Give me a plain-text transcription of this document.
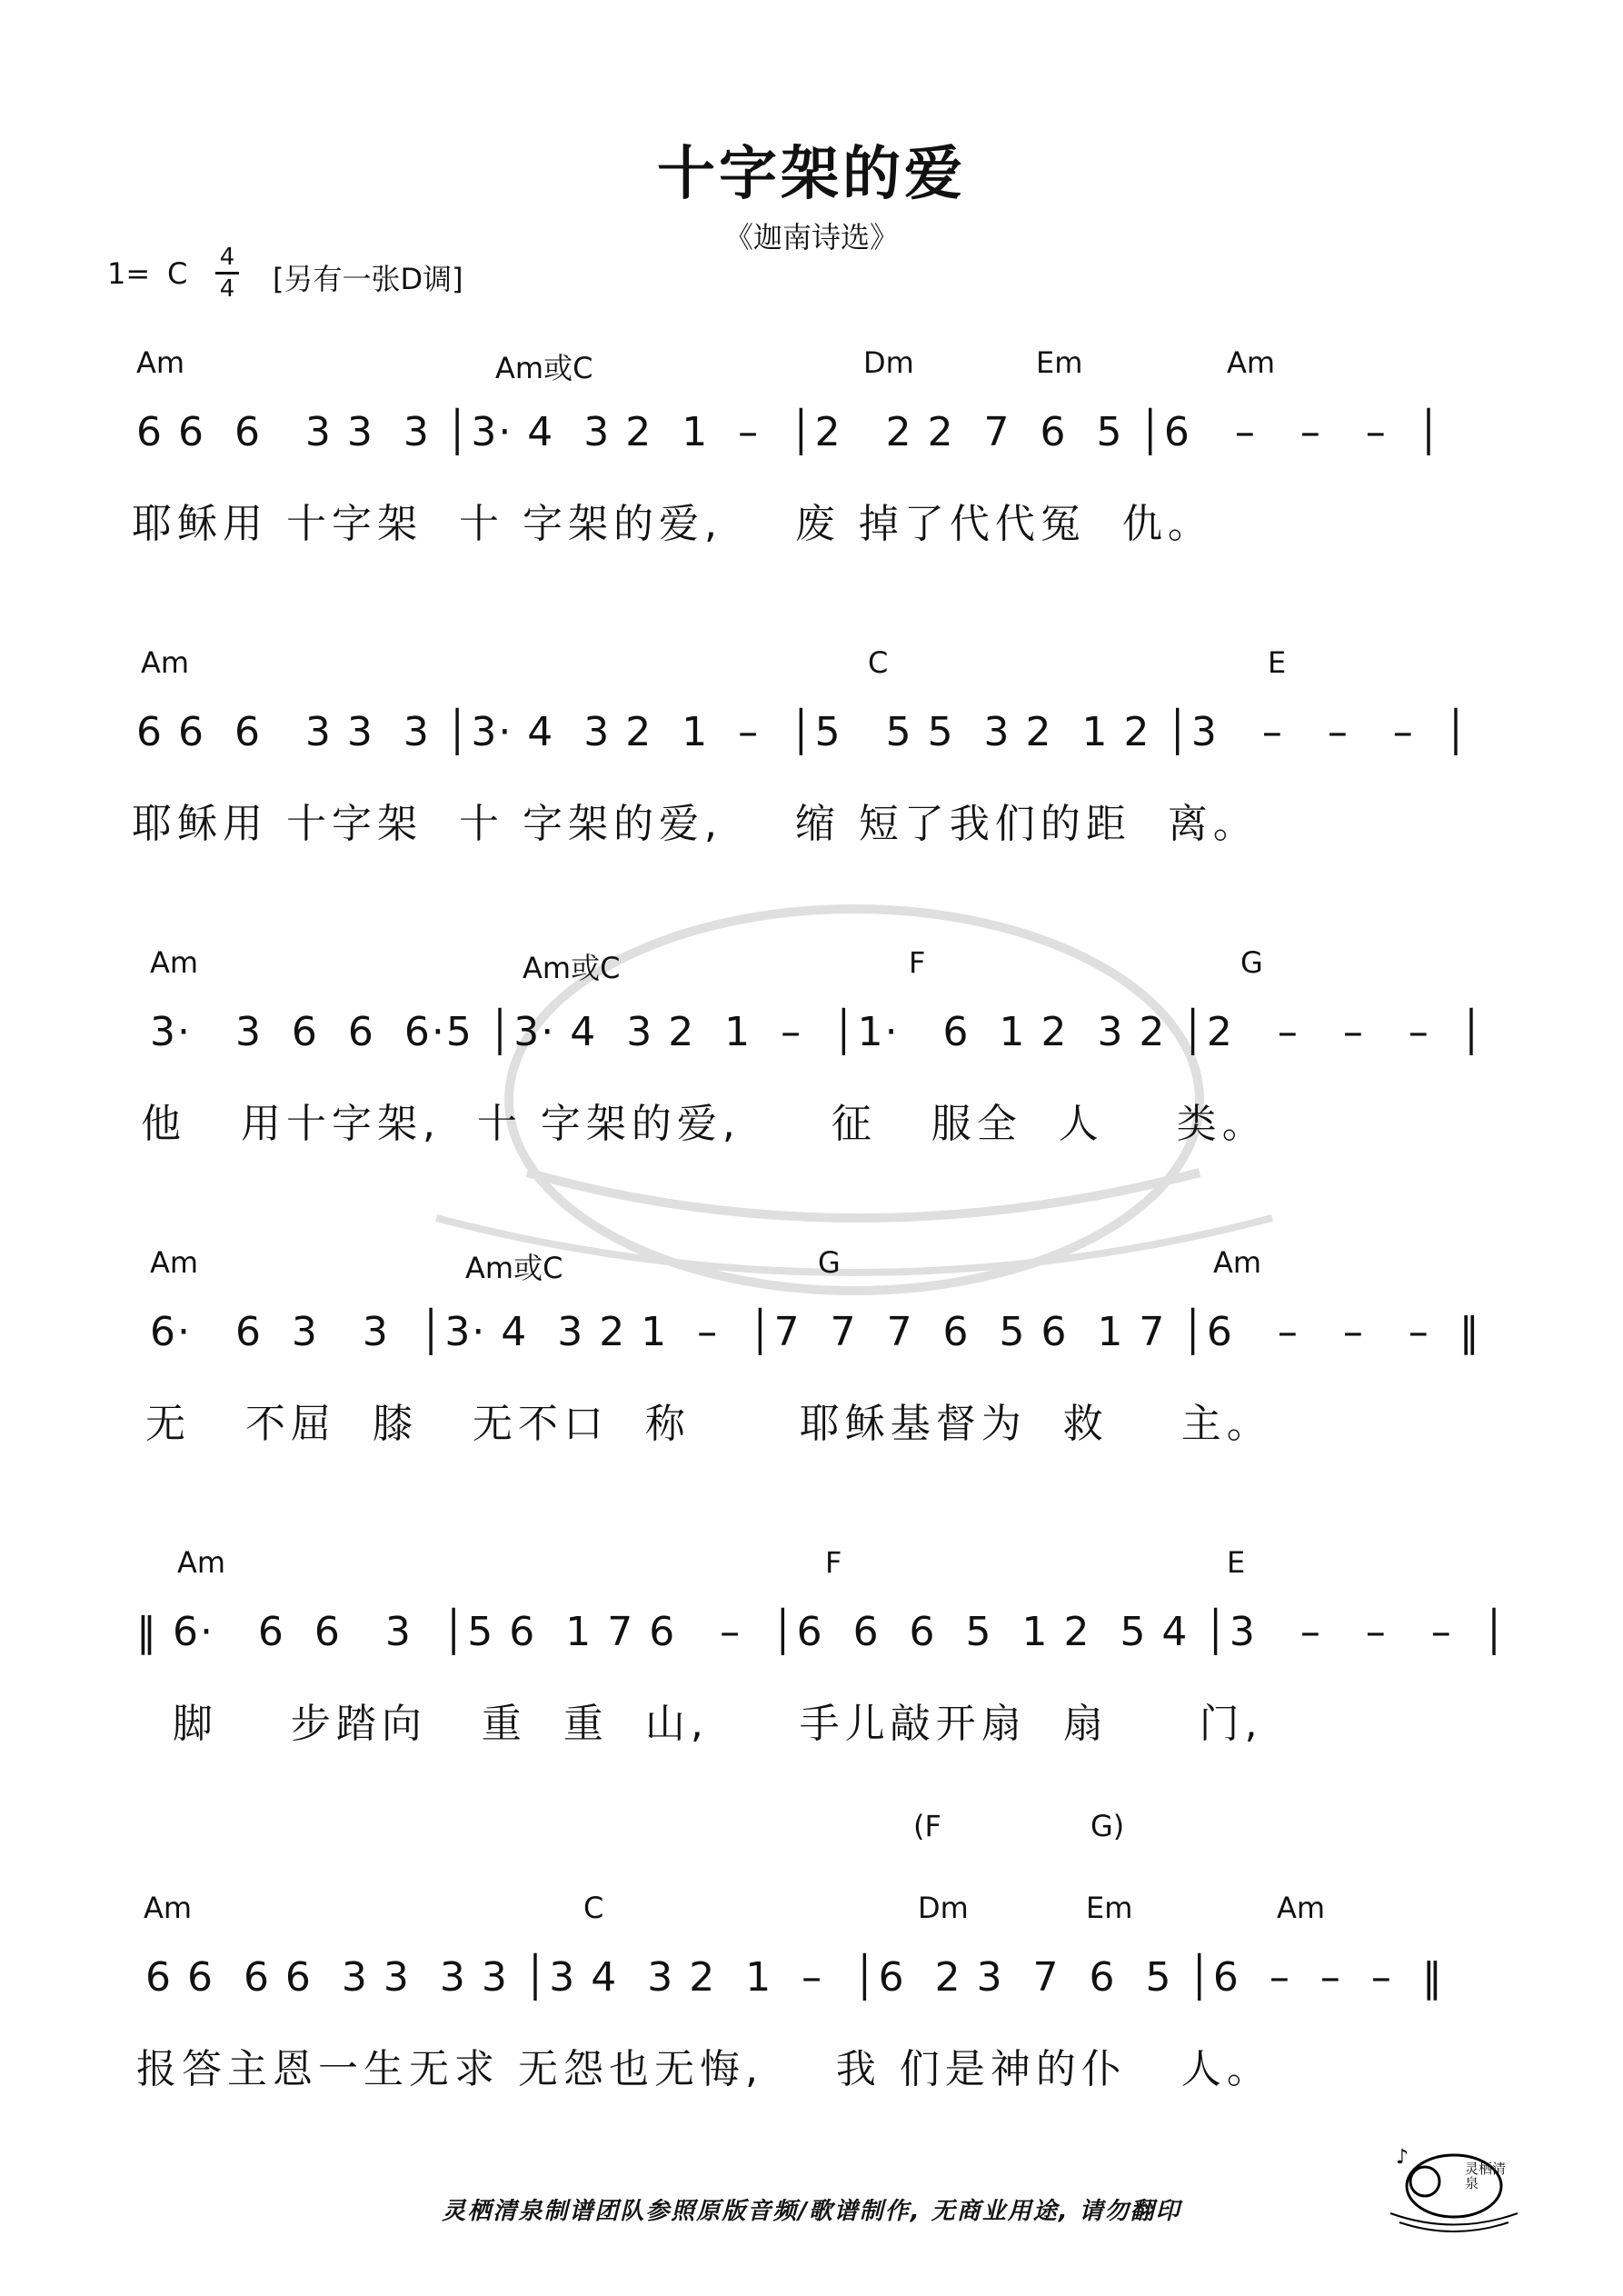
十字架的爱
《迦南诗选》
1= C	[另有一张D调]
4
4
Am	Am或C	Dm	Em	Am
6 6  6   3 3  3 │3· 4  3 2  1  –  │2   2 2  7  6  5 │6   –   –   –  │
耶稣用 十字架  十 字架的爱,    废 掉了代代冤  仇。
Am	C	E
6 6  6   3 3  3 │3· 4  3 2  1  –  │5   5 5  3 2  1 2 │3   –   –   –  │
耶稣用 十字架  十 字架的爱,    缩 短了我们的距  离。
Am	Am或C	F	G
3·   3  6  6  6·5 │3· 4  3 2  1  –  │1·   6  1 2  3 2 │2   –   –   –  │
他   用十字架,  十 字架的爱,     征   服全  人    类。
Am	Am或C	G	Am
6·   6  3   3  │3· 4  3 2 1  –  │7  7  7  6  5 6  1 7 │6   –   –   –  ‖
无   不屈  膝   无不口  称      耶稣基督为  救    主。
Am	F	E
‖ 6·   6  6   3  │5 6  1 7 6   –  │6  6  6  5  1 2  5 4 │3   –   –   –  │
脚    步踏向   重  重  山,     手儿敲开扇  扇     门,
(F	G)
Am	C	Dm	Em	Am
6 6  6 6  3 3  3 3 │3 4  3 2  1  –  │6  2 3  7  6  5 │6  –  –  –  ‖
报答主恩一生无求 无怨也无悔,    我 们是神的仆   人。
灵栖清泉制谱团队参照原版音频/歌谱制作, 无商业用途, 请勿翻印
♪	灵栖清泉
